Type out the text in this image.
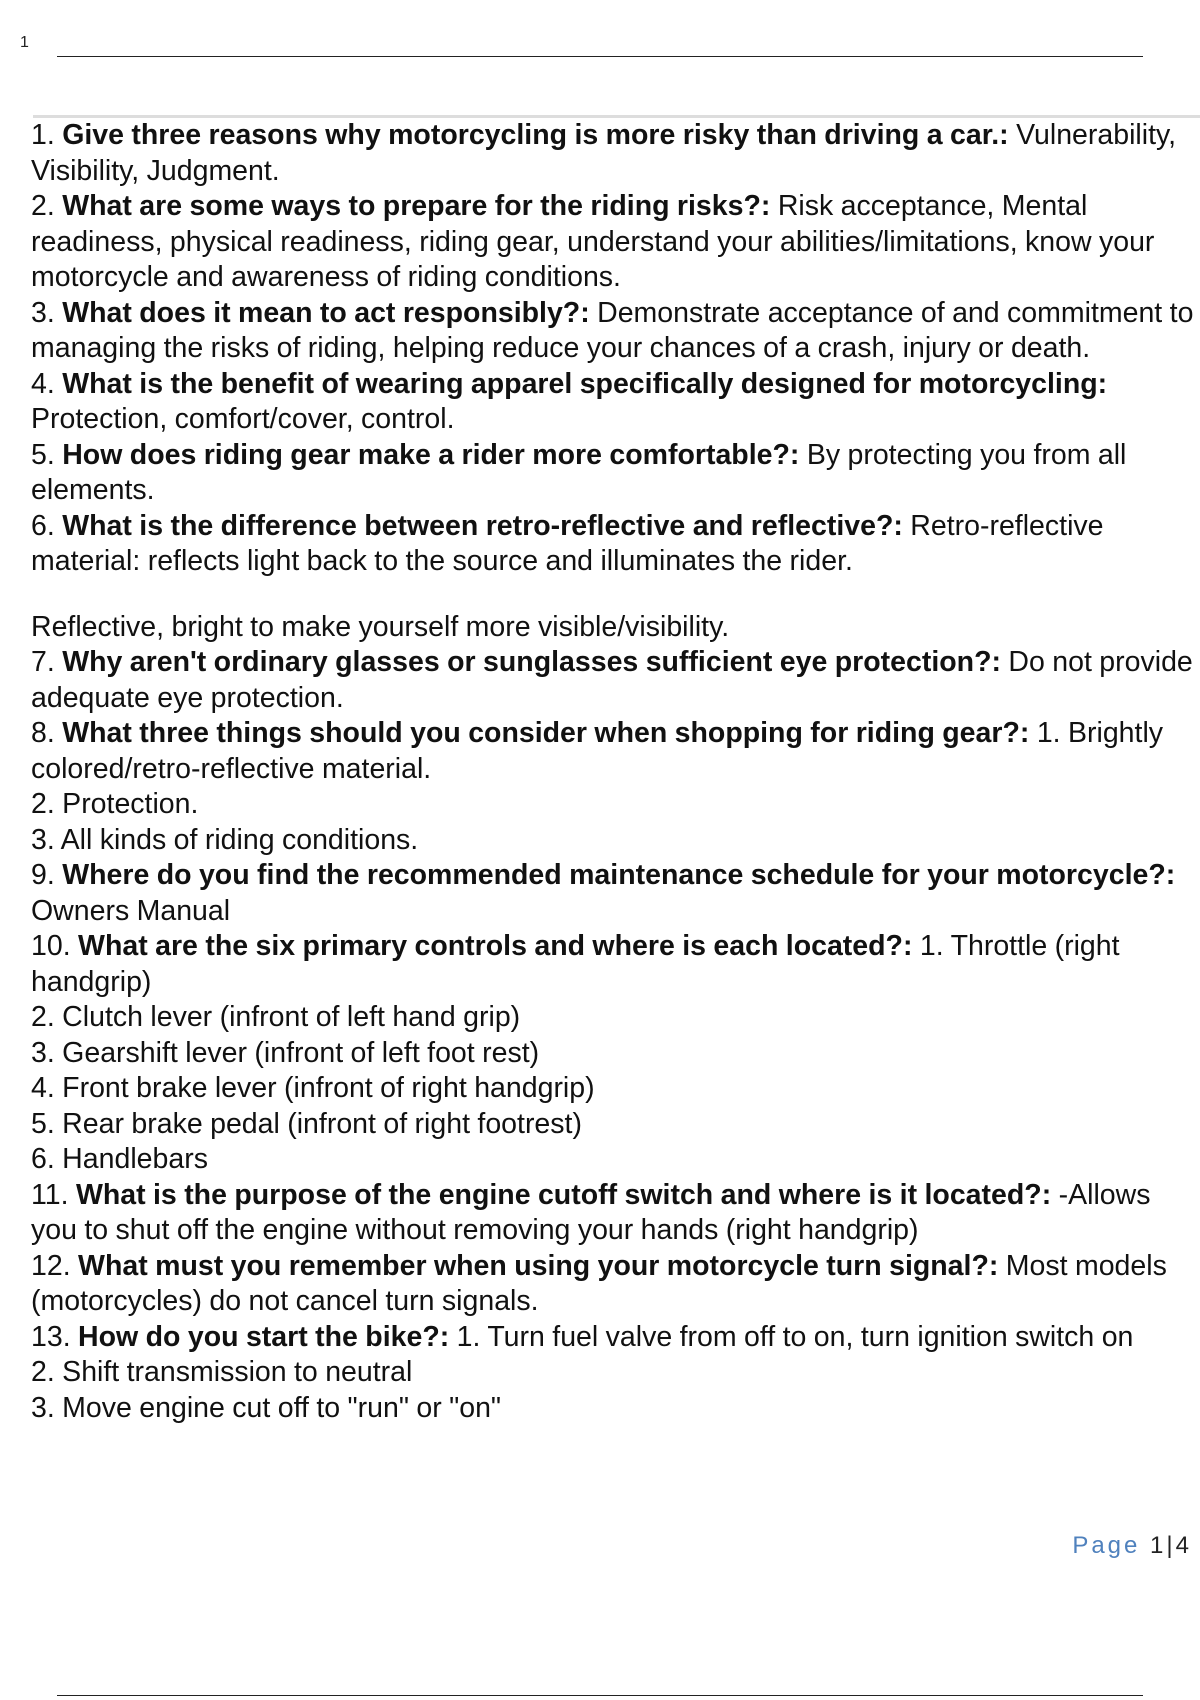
1
1. Give three reasons why motorcycling is more risky than driving a car.: Vulnerability, Visibility, Judgment.
2. What are some ways to prepare for the riding risks?: Risk acceptance, Mental readiness, physical readiness, riding gear, understand your abilities/limitations, know your motorcycle and awareness of riding conditions.
3. What does it mean to act responsibly?: Demonstrate acceptance of and commitment to managing the risks of riding, helping reduce your chances of a crash, injury or death.
4. What is the benefit of wearing apparel specifically designed for motorcycling: Protection, comfort/cover, control.
5. How does riding gear make a rider more comfortable?: By protecting you from all elements.
6. What is the difference between retro-reflective and reflective?: Retro-reflective material: reflects light back to the source and illuminates the rider.
Reflective, bright to make yourself more visible/visibility.
7. Why aren't ordinary glasses or sunglasses sufficient eye protection?: Do not provide adequate eye protection.
8. What three things should you consider when shopping for riding gear?: 1. Brightly colored/retro-reflective material.
2. Protection.
3. All kinds of riding conditions.
9. Where do you find the recommended maintenance schedule for your motorcycle?: Owners Manual
10. What are the six primary controls and where is each located?: 1. Throttle (right handgrip)
2. Clutch lever (infront of left hand grip)
3. Gearshift lever (infront of left foot rest)
4. Front brake lever (infront of right handgrip)
5. Rear brake pedal (infront of right footrest)
6. Handlebars
11. What is the purpose of the engine cutoff switch and where is it located?: -Allows you to shut off the engine without removing your hands (right handgrip)
12. What must you remember when using your motorcycle turn signal?: Most models (motorcycles) do not cancel turn signals.
13. How do you start the bike?: 1. Turn fuel valve from off to on, turn ignition switch on
2. Shift transmission to neutral
3. Move engine cut off to "run" or "on"
Page 1|4
